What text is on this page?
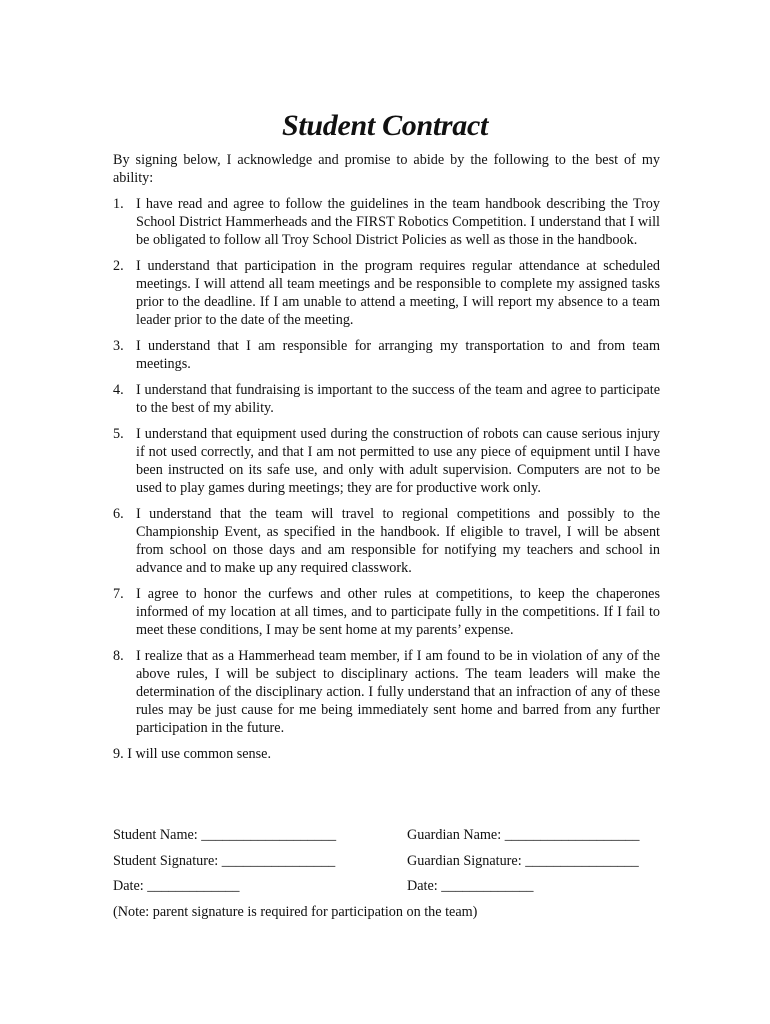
Student Contract
By signing below, I acknowledge and promise to abide by the following to the best of my ability:
1. I have read and agree to follow the guidelines in the team handbook describing the Troy School District Hammerheads and the FIRST Robotics Competition. I understand that I will be obligated to follow all Troy School District Policies as well as those in the handbook.
2. I understand that participation in the program requires regular attendance at scheduled meetings. I will attend all team meetings and be responsible to complete my assigned tasks prior to the deadline. If I am unable to attend a meeting, I will report my absence to a team leader prior to the date of the meeting.
3. I understand that I am responsible for arranging my transportation to and from team meetings.
4. I understand that fundraising is important to the success of the team and agree to participate to the best of my ability.
5. I understand that equipment used during the construction of robots can cause serious injury if not used correctly, and that I am not permitted to use any piece of equipment until I have been instructed on its safe use, and only with adult supervision. Computers are not to be used to play games during meetings; they are for productive work only.
6. I understand that the team will travel to regional competitions and possibly to the Championship Event, as specified in the handbook. If eligible to travel, I will be absent from school on those days and am responsible for notifying my teachers and school in advance and to make up any required classwork.
7. I agree to honor the curfews and other rules at competitions, to keep the chaperones informed of my location at all times, and to participate fully in the competitions. If I fail to meet these conditions, I may be sent home at my parents’ expense.
8. I realize that as a Hammerhead team member, if I am found to be in violation of any of the above rules, I will be subject to disciplinary actions. The team leaders will make the determination of the disciplinary action. I fully understand that an infraction of any of these rules may be just cause for me being immediately sent home and barred from any further participation in the future.
9. I will use common sense.
Student Name: ___________________	Guardian Name: ___________________
Student Signature: ________________	Guardian Signature: ________________
Date: _____________	Date: _____________
(Note: parent signature is required for participation on the team)
